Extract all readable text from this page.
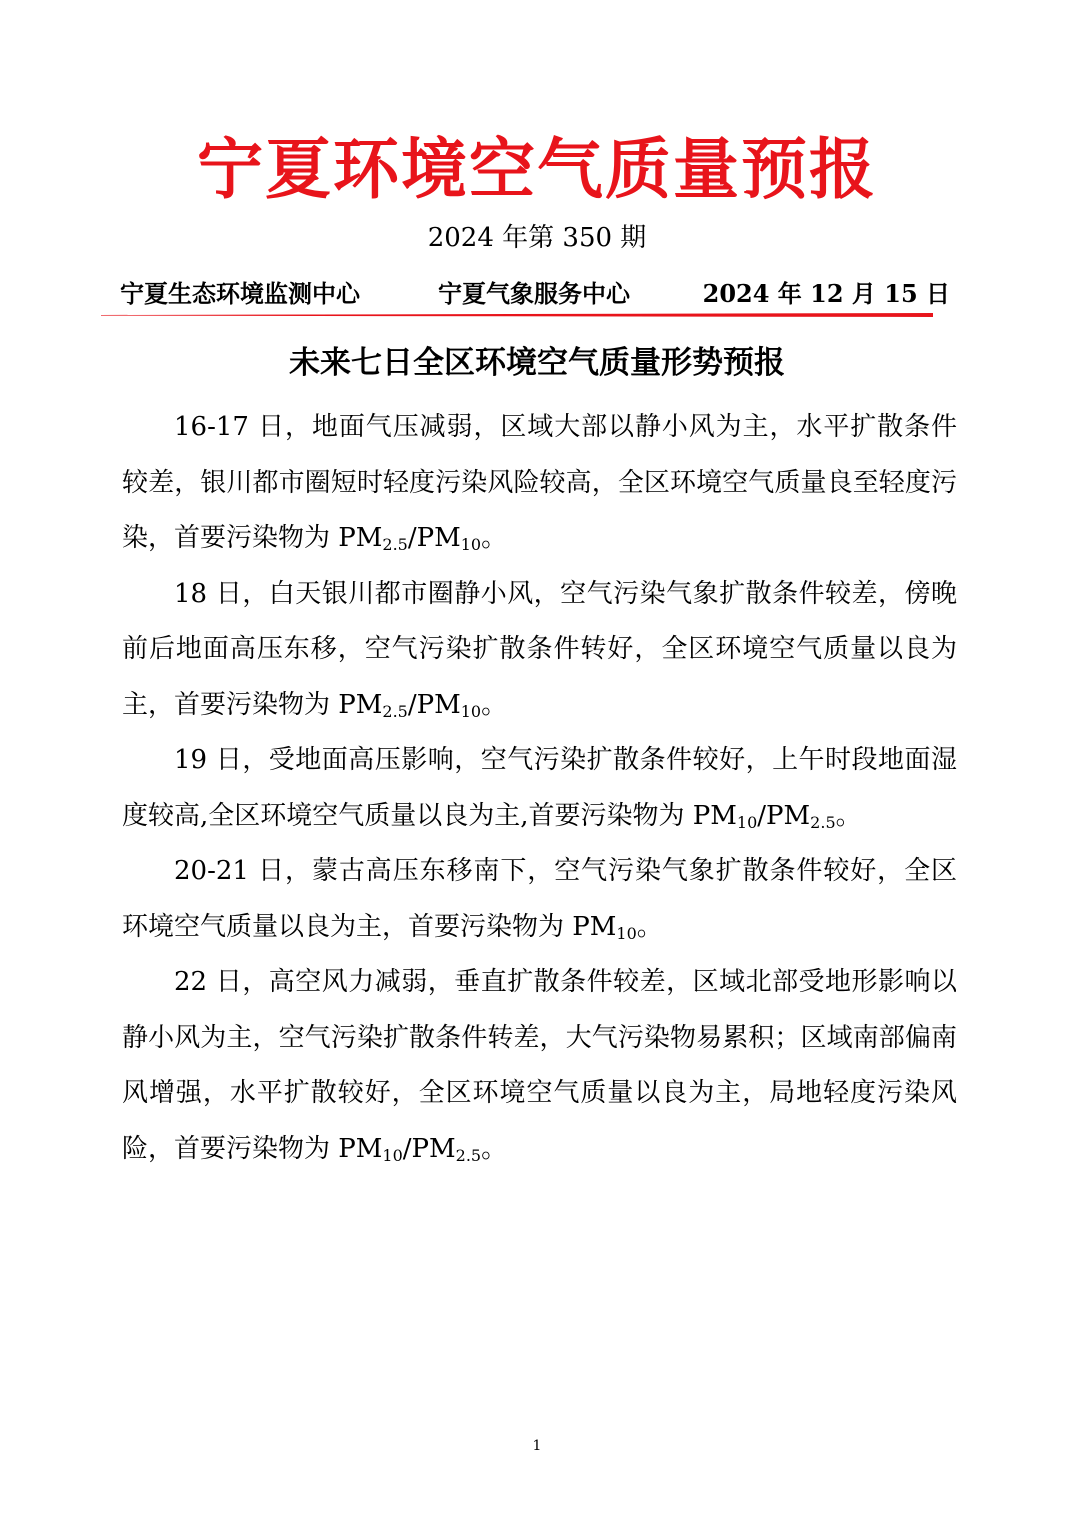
宁夏环境空气质量预报
2024 年第 350 期
宁夏生态环境监测中心	宁夏气象服务中心	2024 年 12 月 15 日
未来七日全区环境空气质量形势预报

16-17 日，地面气压减弱，区域大部以静小风为主，水平扩散条件较差，银川都市圈短时轻度污染风险较高，全区环境空气质量良至轻度污染，首要污染物为 $PM_{2.5}/PM_{10}$。

18 日，白天银川都市圈静小风，空气污染气象扩散条件较差，傍晚前后地面高压东移，空气污染扩散条件转好，全区环境空气质量以良为主，首要污染物为 $PM_{2.5}/PM_{10}$。

19 日，受地面高压影响，空气污染扩散条件较好，上午时段地面湿度较高,全区环境空气质量以良为主,首要污染物为 $PM_{10}/PM_{2.5}$。

20-21 日，蒙古高压东移南下，空气污染气象扩散条件较好，全区环境空气质量以良为主，首要污染物为 $PM_{10}$。

22 日，高空风力减弱，垂直扩散条件较差，区域北部受地形影响以静小风为主，空气污染扩散条件转差，大气污染物易累积；区域南部偏南风增强，水平扩散较好，全区环境空气质量以良为主，局地轻度污染风险，首要污染物为 $PM_{10}/PM_{2.5}$。

1
